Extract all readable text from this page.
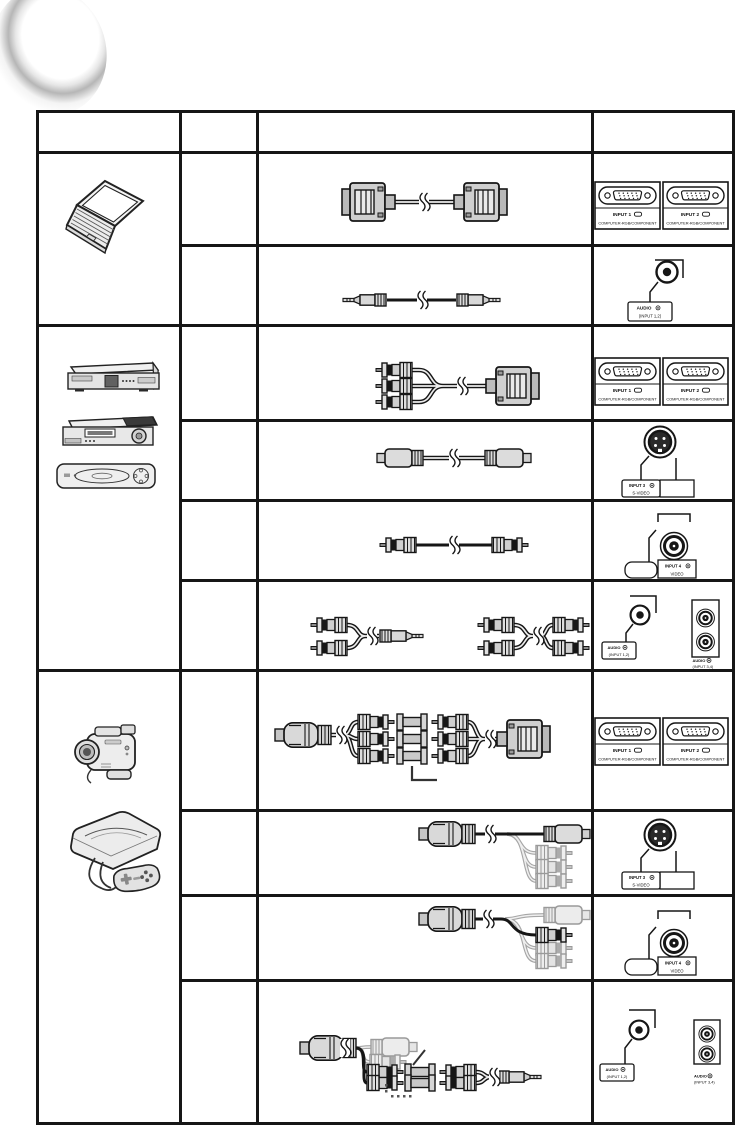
INPUT 1
COMPUTER-RGB/COMPONENT
INPUT 2
COMPUTER-RGB/COMPONENT
AUDIO
(INPUT 1,2)
INPUT 1
COMPUTER-RGB/COMPONENT
INPUT 2
COMPUTER-RGB/COMPONENT
INPUT 3
S-VIDEO
INPUT 4
VIDEO
AUDIO
(INPUT 1,2)
AUDIO
(INPUT 3,4)
INPUT 1
COMPUTER-RGB/COMPONENT
INPUT 2
COMPUTER-RGB/COMPONENT
INPUT 3
S-VIDEO
INPUT 4
VIDEO
AUDIO
(INPUT 1,2)	AUDIO
(INPUT 3,4)
